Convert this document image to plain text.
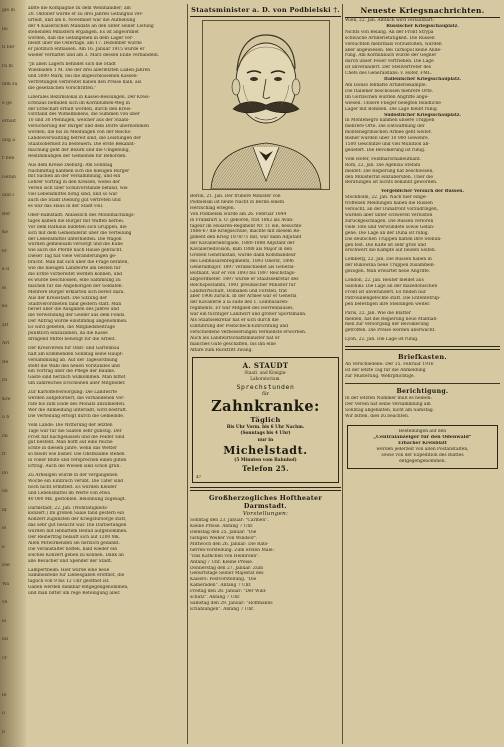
gie in
lei
ti ber
rn m
mm zu
e ge
erhalt
ung a
r ben
Gefan
und l
Ber
Ke
er
e d
ei
kö
aft
Art
Re
Di
Kre
u h
on
ft
ifo
on
nf
ie
e
Die
Wa
ve
ei
nd
cr
fe
u
b
abfte die Kompagnie zu dem Weinhändler; am
20. Oktober wurde er zu drei Jahren Gefängnis ver-
urteilt, und am 6. November war die Aufhebung
der 4 Kaiserlichen Mandate an den unter seiner Leitung
stehenden Ministern ergangen. Es ist angeordnet
worden, daß die Gefangenen in dem Lager ver-
bleibt über die Ostertage, am 17. Dezember wurde
er plötzlich entlassen. Am 16. Januar 1915 wurde er
wieder verhaftet und am 3. März dessen Ende verhandeln.
"Jn allen Lagern befindet sich die Stadt
Wiesbaden 1 M. Die der drei allerletzten Laden-Jahren
und 5000 Mark, bei die abgeschlossenen Kassen-
Vertretungen verbreitet haben den Preise halb, als
die gesetzlichen Vorschriften."
Liberales Bezirkslokal in Kassel-Bessungen. Der Kreis-
Erbhaus befinden sich im Kornblumen-Weg in
der Erbschaft erfüllt worden, durch den Kreis-
vorstand des Wilhelminens, die Summen von über
10 und 30 Pfennigen, welcher aus der Staats-
versicherung der Bürger und dem Dorfe übernommen
worden, die bis zu Meldungen von der Reichs-
Landesverwaltung befreit sind, die Leistungen der
Staatsoberkeit zu besteuern. Die erste Bekannt-
machung geht der Bezirk und die Umgebung,
Bestimmungen der Gemeinde für Behörden.
Aus dem Kreise Dieburg: Am Sonntag
Nachmittag nahmen sich die hiesigen Bürger
mit Sachen an der Versammlung, und ein
Lehrer Vortrag in den Kreisen, wobei der
Verein sich über Schulvorstände befand, wie
viel Lebensmittel nötig sind, und so war
auch die Stadt Dieburg gut vertreten und
es war das Haus in der Stadt voll.
Ober-Ramstadt: Anlässlich des Mobilmachungs-
tages kamen die Bürger mit Waffen herbei.
Vor dem Rathaus bildeten sich Gruppen, die
sich mit dem Gemeinderat über die Verteilung
der Lebensmittel unterhielten. Die Wagen
wurden gemeinsam versorgt und die Kühe
wie auch die Pferde nach Hause gebracht.
Dieser Tag hat viele Veränderungen ge-
bracht. Man hat sich über die Frage beraten,
wie die hiesigen Landwirte am besten für
die Ernte vorbereitet werden können, und
es wurde beschlossen, eine Sammlung zu
machen für die Angehörigen der Soldaten.
Mehrere Bürger erklärten sich bereit dazu.
Aus der Kreisstadt: Die Sitzung der
Stadtverordneten fand gestern statt. Man
beriet über die Ausgaben des Jahres und
die Verwendung der Gelder aus dem Fonds.
Der Antrag wurde einstimmig angenommen.
Es wird gebeten, die Mitgliedsbeiträge
pünktlich einzuzahlen, da die Kasse
dringend Mittel benötigt für die Arbeit.
Der Kreisverein für Obst- und Gartenbau
hält am kommenden Sonntag seine Haupt-
versammlung ab. Auf der Tagesordnung
steht die Wahl des neuen Vorstandes und
ein Vortrag über die Pflege der Bäume.
Gäste sind herzlich willkommen. Man bittet
um zahlreiches Erscheinen aller Mitglieder.
Zur Kartoffelversorgung: Die Landwirte
werden aufgefordert, die vorhandenen Vor-
räte bis zum Ende des Monats anzumelden.
Wer die Anmeldung unterläßt, wird bestraft.
Die Verteilung erfolgt durch die Gemeinde.
Vom Lande: Die Witterung der letzten
Tage war für die Saaten sehr günstig. Der
Frost hat nachgelassen und die Felder sind
gut bestellt. Man hofft auf eine reiche
Ernte in diesem Jahre, wenn das Wetter
so bleibt wie bisher. Die Obstbäume stehen
in voller Blüte und versprechen einen guten
Ertrag. Auch die Wiesen sind schön grün.
Zu Arheilgen wurde in der vergangenen
Woche ein Einbruch verübt. Die Täter sind
noch nicht ermittelt. Es wurden Kleider
und Lebensmittel im Werte von etwa
40 000 Mk. gestohlen. Belohnung zugesagt.
Darmstadt, 22. Jan. (Wohltätigkeits-
konzert.) Im großen Saale fand gestern ein
Konzert zugunsten der Kriegsfürsorge statt,
das sehr gut besucht war. Die Darbietungen
wurden mit lebhaftem Beifall aufgenommen.
Der Reinertrag beläuft sich auf 1200 Mk.
Allen Mitwirkenden sei herzlich gedankt.
Die Veranstalter hoffen, bald wieder ein
solches Konzert geben zu können. Dank an
alle Besucher und Spender der Stadt.
Lampertheim: Hier wurde eine neue
Sammelstelle für Liebesgaben eröffnet, die
täglich von 9 bis 12 Uhr geöffnet ist.
Gaben werden dankbar entgegengenommen,
und man bittet um rege Beteiligung aller.
Staatsminister a. D. von Podbielski †.
Berlin, 21. Jan. Der frühere Minister von
Podbielski ist heute Nacht in Berlin einem
Herzschlag erlegen.
Von Podbielski wurde am 26. Februar 1844
in Frankfurt a. O. geboren, trat 1862 als Avan-
tageur im Husaren-Regiment Nr. 11 ein, besuchte
1866-67 die Kriegsschule, machte mit diesem Re-
giment den Krieg 1870/71 mit, war dann Adjutant
der Kavalleriebrigade, 1880-1888 Adjutant der
Kavalleriedivision, kam 1888 als Major in den
Großen Generalstab, wurde dann Kommandeur
des Leibhusarenregiments, 1893 Oberst, 1896
Generalmajor. 1897 verabschiedet als General-
leutnant, war er von 1893 bis 1897 Reichstags-
abgeordneter. 1897 wurde er Staatssekretär des
Reichspostamts, 1901 preußischer Minister für
Landwirtschaft, Domänen und Forsten, trat
aber 1906 zurück. In der Armee war er General
der Kavallerie à la suite des 1. Leibhusaren-
regiments. Er war Mitglied des Herrenhauses,
war ein tüchtiger Landwirt und großer Sportsmann.
Als Staatssekretär hat er sich durch die
Einführung der Postscheck-Einrichtung und
verschiedene Verbesserungen Verdienste erworben.
Auch als Landwirtschaftsminister hat er
manches Gute geschaffen, bis ihn eine
Affäre zum Rücktritt zwang.
A. STAUDT
Staatl. und Königin-
Laboratorium.
Sprechstunden
für
Zahnkranke:
Täglich
Bis Uhr Vorm. bis 6 Uhr Nachm.
(Sonntags bis 4 Uhr)
nur in
Michelstadt.
(5 Minuten vom Bahnhof)
Telefon 25.
47
Großherzogliches Hoftheater Darmstadt.
Vorstellungen:
Sonntag den 23. Januar: "Carmen".
Kleine Preise. Anfang 7 Uhr.
Dienstag den 25. Januar: "Die
lustigen Weiber von Windsor".
Mittwoch den 26. Januar: Die Rats-
herren-Vorstellung. Zum ersten Male:
"Das Käthchen von Heilbronn".
Anfang 7 Uhr. Kleine Preise.
Donnerstag den 27. Januar: Zum
Geburtstage Seiner Majestät des
Kaisers: Festvorstellung. "Die
Kameraden". Anfang 7 Uhr.
Freitag den 28. Januar: "Der Wild-
schütz". Anfang 7 Uhr.
Samstag den 29. Januar: "Hoffmanns
Erzählungen". Anfang 7 Uhr.
Neueste Kriegsnachrichten.
Wien, 22. Jan. Amtlich wird verlautbart:
Russischer Kriegsschauplatz.
Nichts von Belang. An der Front Strypa
schwache Artillerietätigkeit. Die Russen
versuchten mehrmals vorzustoßen, wurden
aber abgewiesen. Bei Tarnopol keine Ände-
rung. Am Korminbach wurde der Gegner
durch unser Feuer vertrieben. Die Lage
ist unverändert. Der Stellvertreter des
Chefs des Generalstabs: v. Höfer, FML.
Italienischer Kriegsschauplatz.
Am Isonzo lebhafte Artilleriekämpfe.
Die Italiener beschossen mehrere Orte.
Im Görzischen wurden Angriffe abge-
wiesen. Unsere Flieger belegten feindliche
Lager mit Bomben. Die Lage bleibt ruhig.
Südöstlicher Kriegsschauplatz.
In Montenegro nahmen unsere Truppen
mehrere Orte. Die Entwaffnung der
montenegrinischen Armee geht weiter.
Bisher wurden über 10 000 Gewehre,
1500 Geschütze und viel Munition ab-
geliefert. Die Bevölkerung ist ruhig.
Vom Höfer, Feldmarschalleutnant.
Rom, 22. Jan. Die Agenzia Stefani
meldet: Die Regierung hat beschlossen,
den Ministerrat einzuberufen. Über die
Beratungen ist nichts bekannt geworden.
Vergeblicher Versuch der Russen.
Stockholm, 22. Jan. Nach hier einge-
troffenen Meldungen haben die Russen
versucht, an der Dünafront vorzudringen,
wurden aber unter schweren Verlusten
zurückgeschlagen. Die Russen verloren
viele Tote und Verwundete sowie Gefan-
gene. Die Lage an der Düna ist ruhig.
Die deutschen Truppen halten ihre Stellun-
gen fest. Die Kälte ist sehr groß und
erschwert die Kämpfe auf beiden Seiten.
Lemberg, 22. Jan. Die Russen haben in
der Bukowina neue Truppen zusammen-
gezogen. Man erwartet neue Angriffe.
London, 22. Jan. Reuter meldet aus
Saloniki: Die Lage an der mazedonischen
Front ist unverändert. Es finden nur
Patrouillengefechte statt. Die Ententetrup-
pen befestigen ihre Stellungen weiter.
Paris, 22. Jan. Wie die Blätter
melden, hat die Regierung neue Maßnah-
men zur Versorgung der Bevölkerung
getroffen. Die Preise werden überwacht.
Lyon, 22. Jan. Die Lage ist ruhig.
Briefkasten.
An Verschiedene: Der 15. Februar 1916
ist der letzte Tag für die Anmeldung
zur Musterung. Wehrpflichtige.
Berichtigung.
In der letzten Nummer muß es heißen:
Der Verein hat seine Versammlung am
Sonntag abgehalten, nicht am Samstag.
Wir bitten, dies zu beachten.
Bestellungen auf den
„Centralanzeiger für den Odenwald“
Erbacher Kreisblatt
werden jederzeit von allen Postanstalten,
sowie von der Expedition des Blattes
entgegengenommen.
